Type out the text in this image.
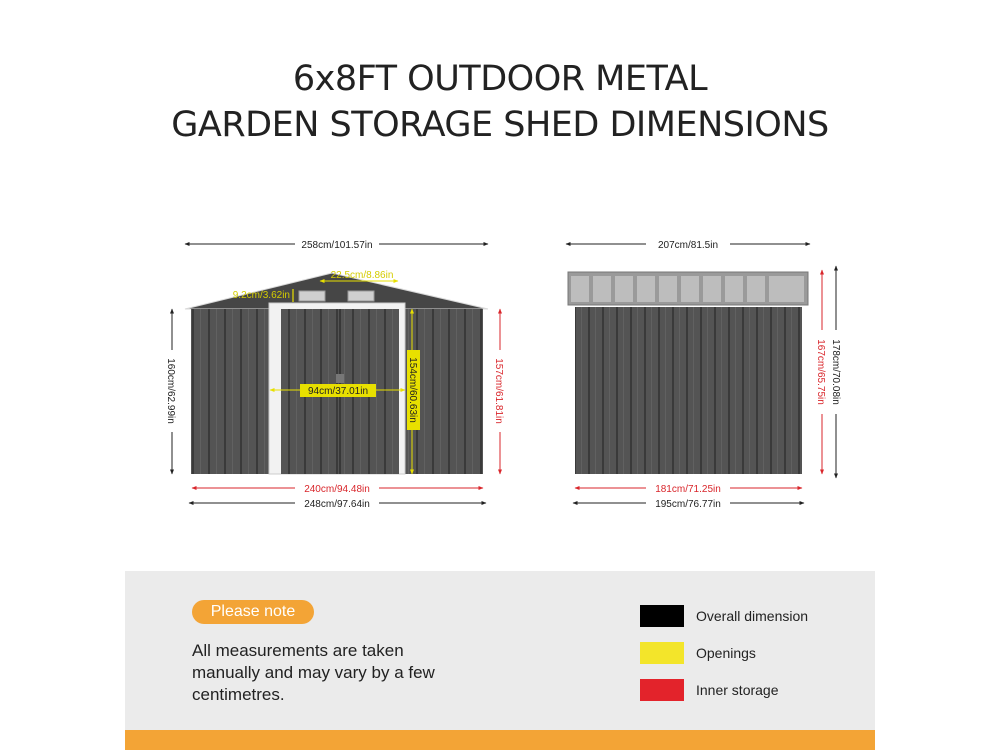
6x8FT OUTDOOR METAL
GARDEN STORAGE SHED DIMENSIONS
258cm/101.57in
22.5cm/8.86in
9.2cm/3.62in
160cm/62.99in	94cm/37.01in	154cm/60.63in	157cm/61.81in
240cm/94.48in
248cm/97.64in
207cm/81.5in
167cm/65.75in 178cm/70.08in
181cm/71.25in
195cm/76.77in
Please note
All measurements are taken manually and may vary by a few centimetres.
Overall dimension
Openings
Inner storage
